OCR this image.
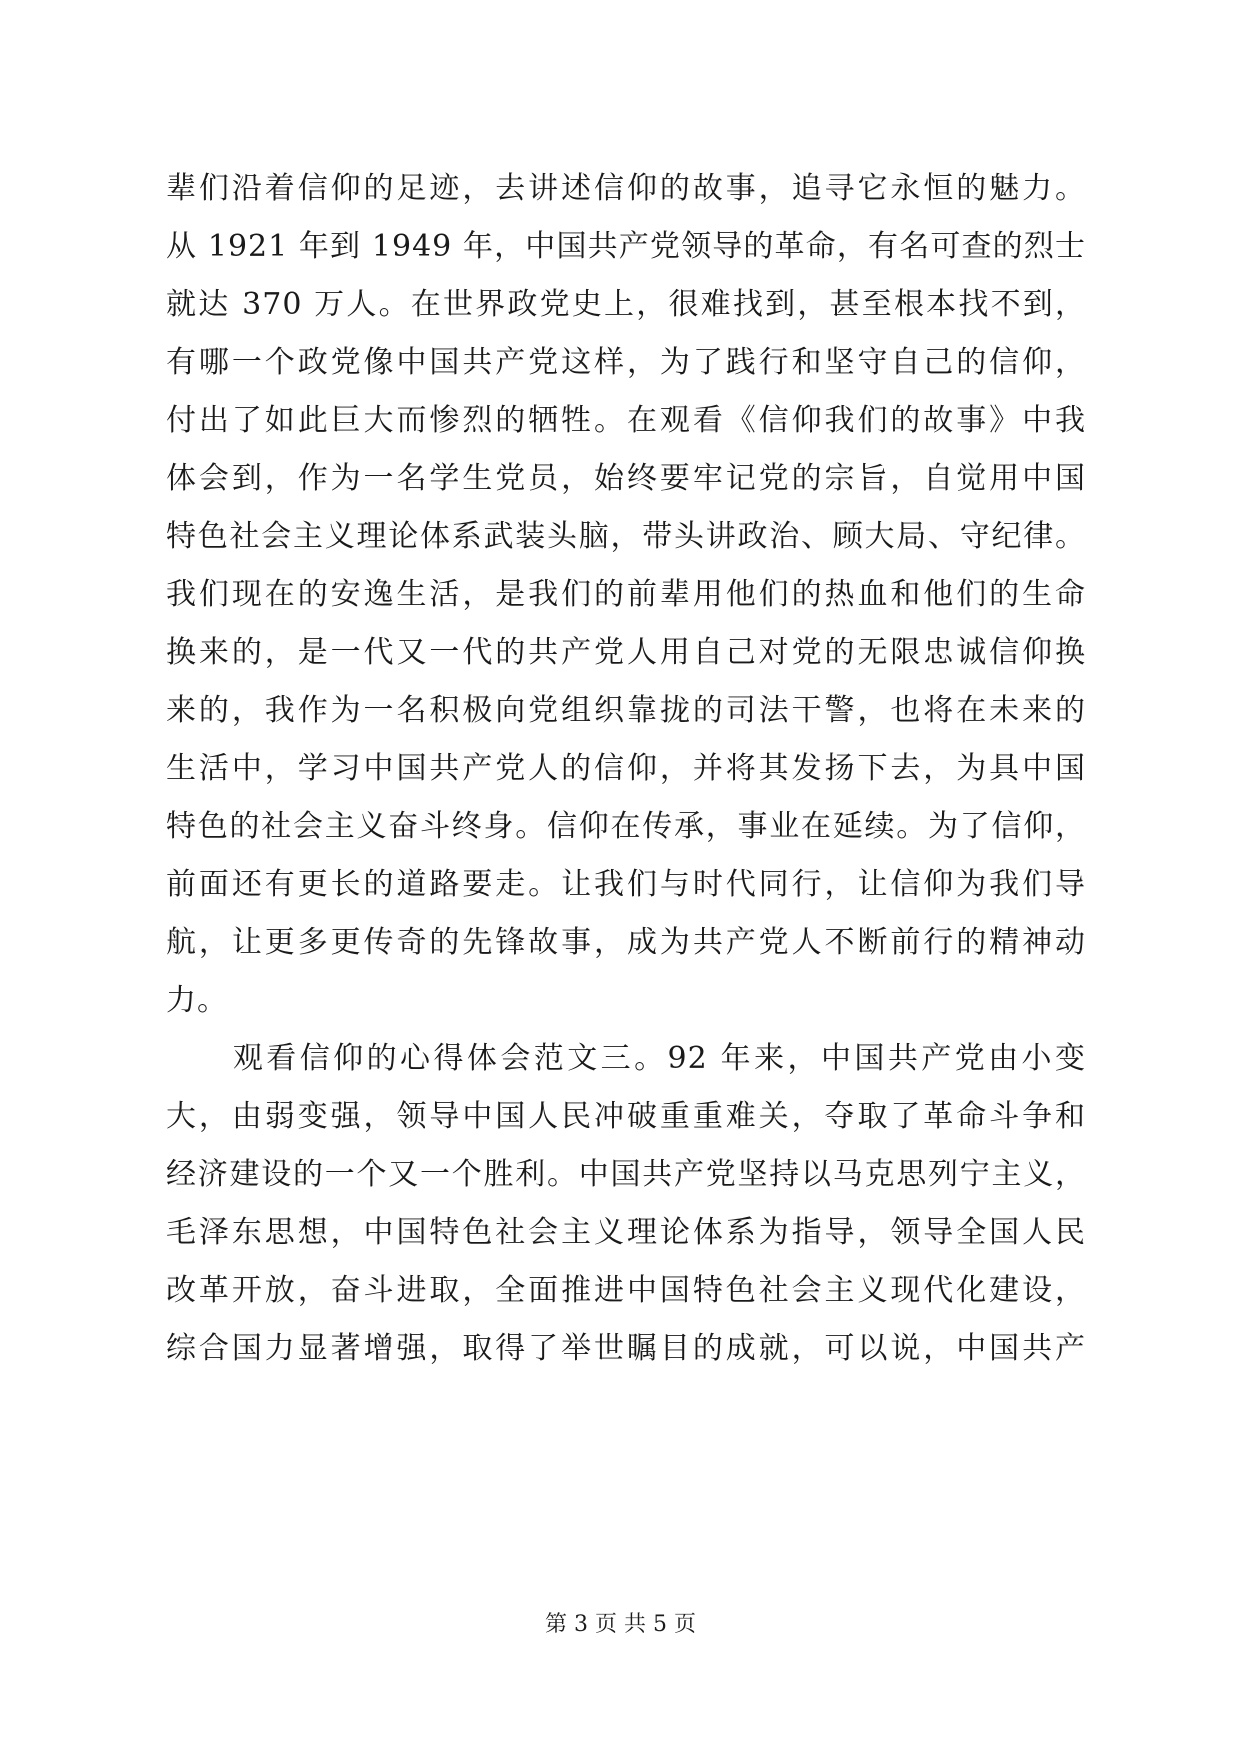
辈们沿着信仰的足迹，去讲述信仰的故事，追寻它永恒的魅力。
从 1921 年到 1949 年，中国共产党领导的革命，有名可查的烈士
就达 370 万人。在世界政党史上，很难找到，甚至根本找不到，
有哪一个政党像中国共产党这样，为了践行和坚守自己的信仰，
付出了如此巨大而惨烈的牺牲。在观看《信仰我们的故事》中我
体会到，作为一名学生党员，始终要牢记党的宗旨，自觉用中国
特色社会主义理论体系武装头脑，带头讲政治、顾大局、守纪律。
我们现在的安逸生活，是我们的前辈用他们的热血和他们的生命
换来的，是一代又一代的共产党人用自己对党的无限忠诚信仰换
来的，我作为一名积极向党组织靠拢的司法干警，也将在未来的
生活中，学习中国共产党人的信仰，并将其发扬下去，为具中国
特色的社会主义奋斗终身。信仰在传承，事业在延续。为了信仰，
前面还有更长的道路要走。让我们与时代同行，让信仰为我们导
航，让更多更传奇的先锋故事，成为共产党人不断前行的精神动
力。
　　观看信仰的心得体会范文三。92 年来，中国共产党由小变
大，由弱变强，领导中国人民冲破重重难关，夺取了革命斗争和
经济建设的一个又一个胜利。中国共产党坚持以马克思列宁主义，
毛泽东思想，中国特色社会主义理论体系为指导，领导全国人民
改革开放，奋斗进取，全面推进中国特色社会主义现代化建设，
综合国力显著增强，取得了举世瞩目的成就，可以说，中国共产
第 3 页 共 5 页
